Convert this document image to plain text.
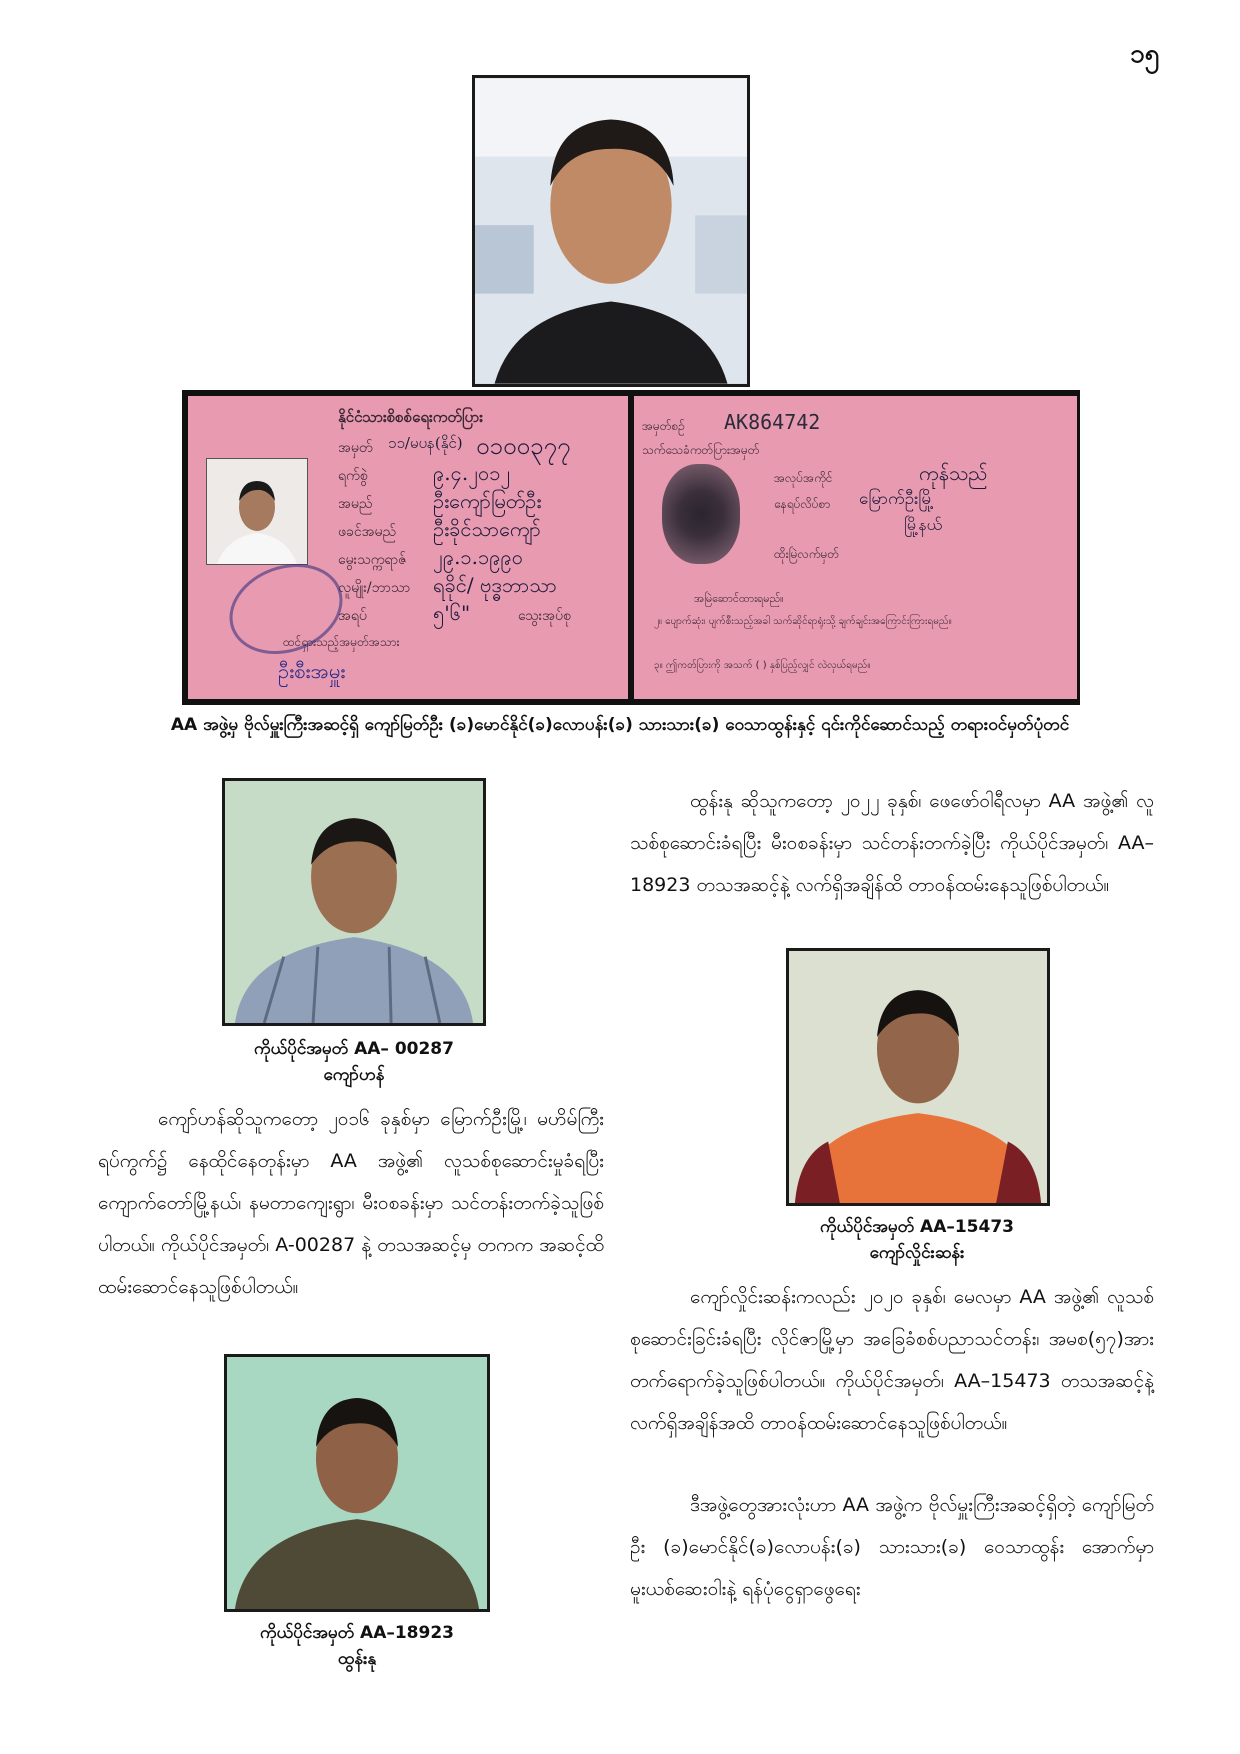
၁၅
နိုင်ငံသားစိစစ်ရေးကတ်ပြား
၀၁၀၀၃၇၇
အမှတ် ၁၁/မပန(နိုင်)
ရက်စွဲ	၉.၄.၂၀၁၂
အမည်	ဦးကျော်မြတ်ဦး
ဖခင်အမည် ဦးခိုင်သာကျော်
မွေးသက္ကရာဇ် ၂၉.၁.၁၉၉၀
လူမျိုး/ဘာသာ ရခိုင်/ ဗုဒ္ဓဘာသာ
အရပ်	၅'၆"	သွေးအုပ်စု
ထင်ရှားသည့်အမှတ်အသား
ဦးစီးအမှူး
AK864742
အမှတ်စဉ်
သက်သေခံကတ်ပြားအမှတ်
အလုပ်အကိုင်	ကုန်သည်
နေရပ်လိပ်စာ မြောက်ဦးမြို့
မြို့နယ်
ထိုးမြဲလက်မှတ်
အမြဲဆောင်ထားရမည်။
၂။ ပျောက်ဆုံး၊ ပျက်စီးသည့်အခါ သက်ဆိုင်ရာရုံးသို့ ချက်ချင်းအကြောင်းကြားရမည်။
၃။ ဤကတ်ပြားကို အသက် ( ) နှစ်ပြည့်လျှင် လဲလှယ်ရမည်။
AA အဖွဲ့မှ ဗိုလ်မှူးကြီးအဆင့်ရှိ ကျော်မြတ်ဦး (ခ)မောင်နိုင်(ခ)လောပန်း(ခ) သားသား(ခ) ဝေသာထွန်းနှင့် ၎င်းကိုင်ဆောင်သည့် တရားဝင်မှတ်ပုံတင်
ကိုယ်ပိုင်အမှတ် AA– 00287
ကျော်ဟန်
ကျော်ဟန်ဆိုသူကတော့ ၂၀၁၆ ခုနှစ်မှာ မြောက်ဦးမြို့၊ မဟိမ်ကြီးရပ်ကွက်၌ နေထိုင်နေတုန်းမှာ AA အဖွဲ့၏ လူသစ်စုဆောင်းမှုခံရပြီး ကျောက်တော်မြို့နယ်၊ နမတာကျေးရွာ၊ မီးဝစခန်းမှာ သင်တန်းတက်ခဲ့သူဖြစ်ပါတယ်။ ကိုယ်ပိုင်အမှတ်၊ A-00287 နဲ့ တသအဆင့်မှ တကက အဆင့်ထိ ထမ်းဆောင်နေသူဖြစ်ပါတယ်။
ကိုယ်ပိုင်အမှတ် AA–18923
ထွန်းနု
ထွန်းနု ဆိုသူကတော့ ၂၀၂၂ ခုနှစ်၊ ဖေဖော်ဝါရီလမှာ AA အဖွဲ့၏ လူသစ်စုဆောင်းခံရပြီး မီးဝစခန်းမှာ သင်တန်းတက်ခဲ့ပြီး ကိုယ်ပိုင်အမှတ်၊ AA–18923 တသအဆင့်နဲ့ လက်ရှိအချိန်ထိ တာဝန်ထမ်းနေသူဖြစ်ပါတယ်။
ကိုယ်ပိုင်အမှတ် AA–15473
ကျော်လှိုင်းဆန်း
ကျော်လှိုင်းဆန်းကလည်း ၂၀၂၀ ခုနှစ်၊ မေလမှာ AA အဖွဲ့၏ လူသစ်စုဆောင်းခြင်းခံရပြီး လိုင်ဇာမြို့မှာ အခြေခံစစ်ပညာသင်တန်း၊ အမစ(၅၇)အား တက်ရောက်ခဲ့သူဖြစ်ပါတယ်။ ကိုယ်ပိုင်အမှတ်၊ AA–15473 တသအဆင့်နဲ့ လက်ရှိအချိန်အထိ တာဝန်ထမ်းဆောင်နေသူဖြစ်ပါတယ်။
ဒီအဖွဲ့တွေအားလုံးဟာ AA အဖွဲ့က ဗိုလ်မှူးကြီးအဆင့်ရှိတဲ့ ကျော်မြတ်ဦး (ခ)မောင်နိုင်(ခ)လောပန်း(ခ) သားသား(ခ) ဝေသာထွန်း အောက်မှာ မူးယစ်ဆေးဝါးနဲ့ ရန်ပုံငွေရှာဖွေရေး
